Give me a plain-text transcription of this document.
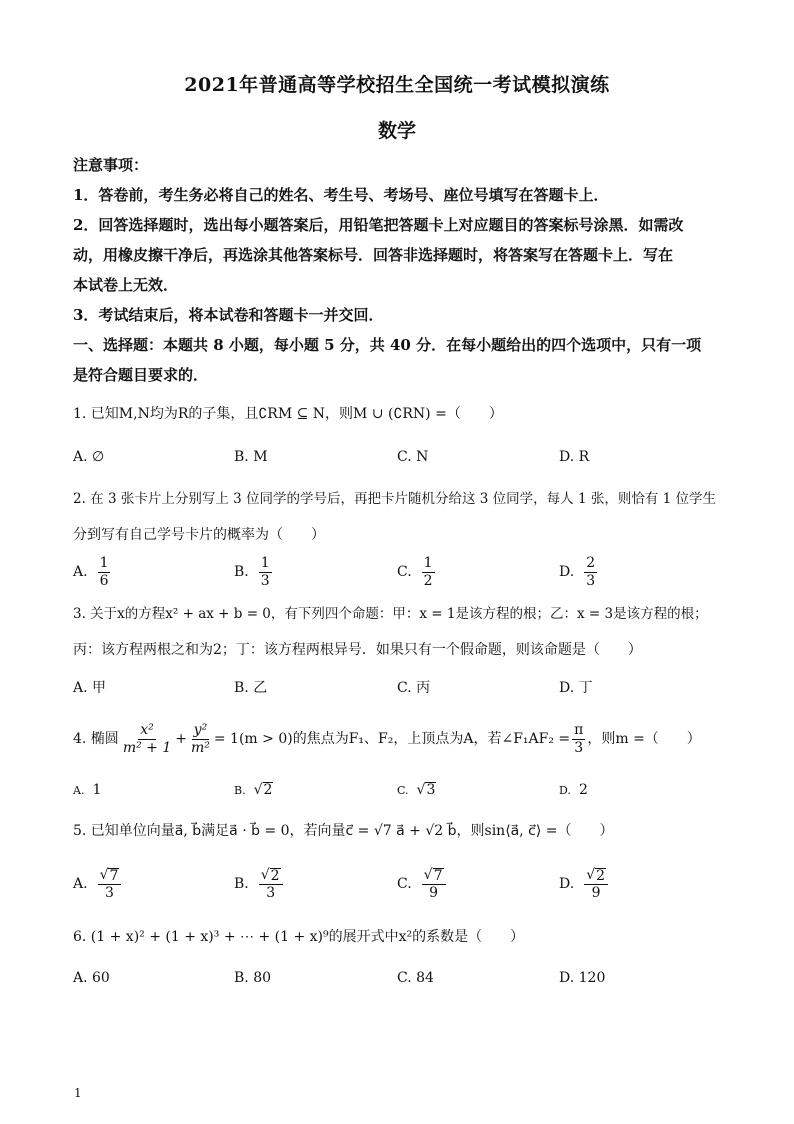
2021年普通高等学校招生全国统一考试模拟演练
数学

注意事项：

1．答卷前，考生务必将自己的姓名、考生号、考场号、座位号填写在答题卡上．

2．回答选择题时，选出每小题答案后，用铅笔把答题卡上对应题目的答案标号涂黑．如需改

动，用橡皮擦干净后，再选涂其他答案标号．回答非选择题时，将答案写在答题卡上．写在

本试卷上无效．

3．考试结束后，将本试卷和答题卡一并交回．

一、选择题：本题共 8 小题，每小题 5 分，共 40 分．在每小题给出的四个选项中，只有一项

是符合题目要求的．

1. 已知M,N均为R的子集，且∁RM ⊆ N，则M ∪ (∁RN) =（　　）

A. ∅	B. M	C. N	D. R

2. 在 3 张卡片上分别写上 3 位同学的学号后，再把卡片随机分给这 3 位同学，每人 1 张，则恰有 1 位学生

分到写有自己学号卡片的概率为（　　）

A. $\frac{1}{6}$	B. $\frac{1}{3}$	C. $\frac{1}{2}$	D. $\frac{2}{3}$

3. 关于x的方程x² + ax + b = 0，有下列四个命题：甲：x = 1是该方程的根；乙：x = 3是该方程的根；

丙：该方程两根之和为2；丁：该方程两根异号．如果只有一个假命题，则该命题是（　　）

A. 甲	B. 乙	C. 丙	D. 丁
4. 椭圆 $\frac{\text{x²}}{\text{m² + 1}} + \frac{\text{y²}}{\text{m²}} = 1(m > 0)$的焦点为F₁、F₂，上顶点为A，若∠F₁AF₂ = $\frac{\pi}{3}$ ，则m =（　　）
A. 1	B. √ 2	C. √ 3	D. 2

5. 已知单位向量a⃗, b⃗满足a⃗ · b⃗ = 0，若向量c⃗ = √7 a⃗ + √2 b⃗，则sin⟨a⃗, c⃗⟩ =（　　）

A. $\frac{√ 7}{3}$	B. $\frac{√ 2}{3}$	C. $\frac{√ 7}{9}$	D. $\frac{√ 2}{9}$

6. (1 + x)² + (1 + x)³ + ⋯ + (1 + x)⁹的展开式中x²的系数是（　　）

A. 60	B. 80	C. 84	D. 120
1
